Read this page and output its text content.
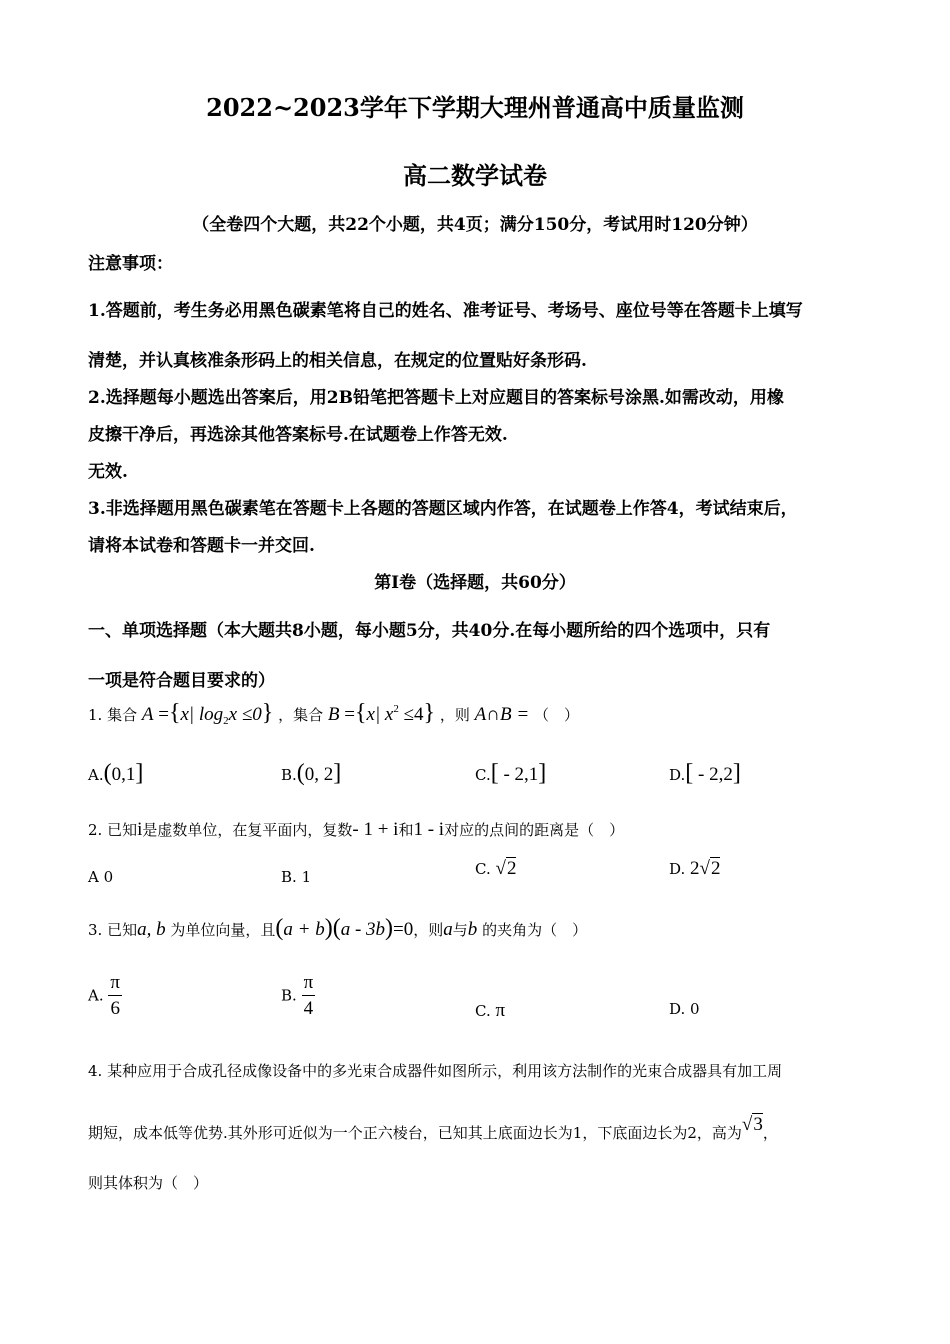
2022~2023学年下学期大理州普通高中质量监测
高二数学试卷
（全卷四个大题，共22个小题，共4页；满分150分，考试用时120分钟）
注意事项：
1.答题前，考生务必用黑色碳素笔将自己的姓名、准考证号、考场号、座位号等在答题卡上填写
清楚，并认真核准条形码上的相关信息，在规定的位置贴好条形码.
2.选择题每小题选出答案后，用2B铅笔把答题卡上对应题目的答案标号涂黑.如需改动，用橡
皮擦干净后，再选涂其他答案标号.在试题卷上作答无效.
无效.
3.非选择题用黑色碳素笔在答题卡上各题的答题区域内作答，在试题卷上作答4，考试结束后，
请将本试卷和答题卡一并交回.
第Ⅰ卷（选择题，共60分）
一、单项选择题（本大题共8小题，每小题5分，共40分.在每小题所给的四个选项中，只有
一项是符合题目要求的）
1. 集合 A ={x| $\log_2x \le 0$} ，集合 B ={x| $x^2 \le 4$} ，则 A∩B = （　）
A.(0,1]	B.(0, 2]	C.[ - 2,1]	D.[ - 2,2]
2. 已知i是虚数单位，在复平面内，复数- 1 + i和1 - i对应的点间的距离是（　）
A 0	B. 1	C. √2	D. 2√2
3. 已知a, b 为单位向量，且(a + b)(a - 3b)=0，则a与b 的夹角为（　）
A. $\frac{\pi}{6}$	B. $\frac{\pi}{4}$	C. π	D. 0
4. 某种应用于合成孔径成像设备中的多光束合成器件如图所示，利用该方法制作的光束合成器具有加工周
期短，成本低等优势.其外形可近似为一个正六棱台，已知其上底面边长为1，下底面边长为2，高为√3，
则其体积为（　）
